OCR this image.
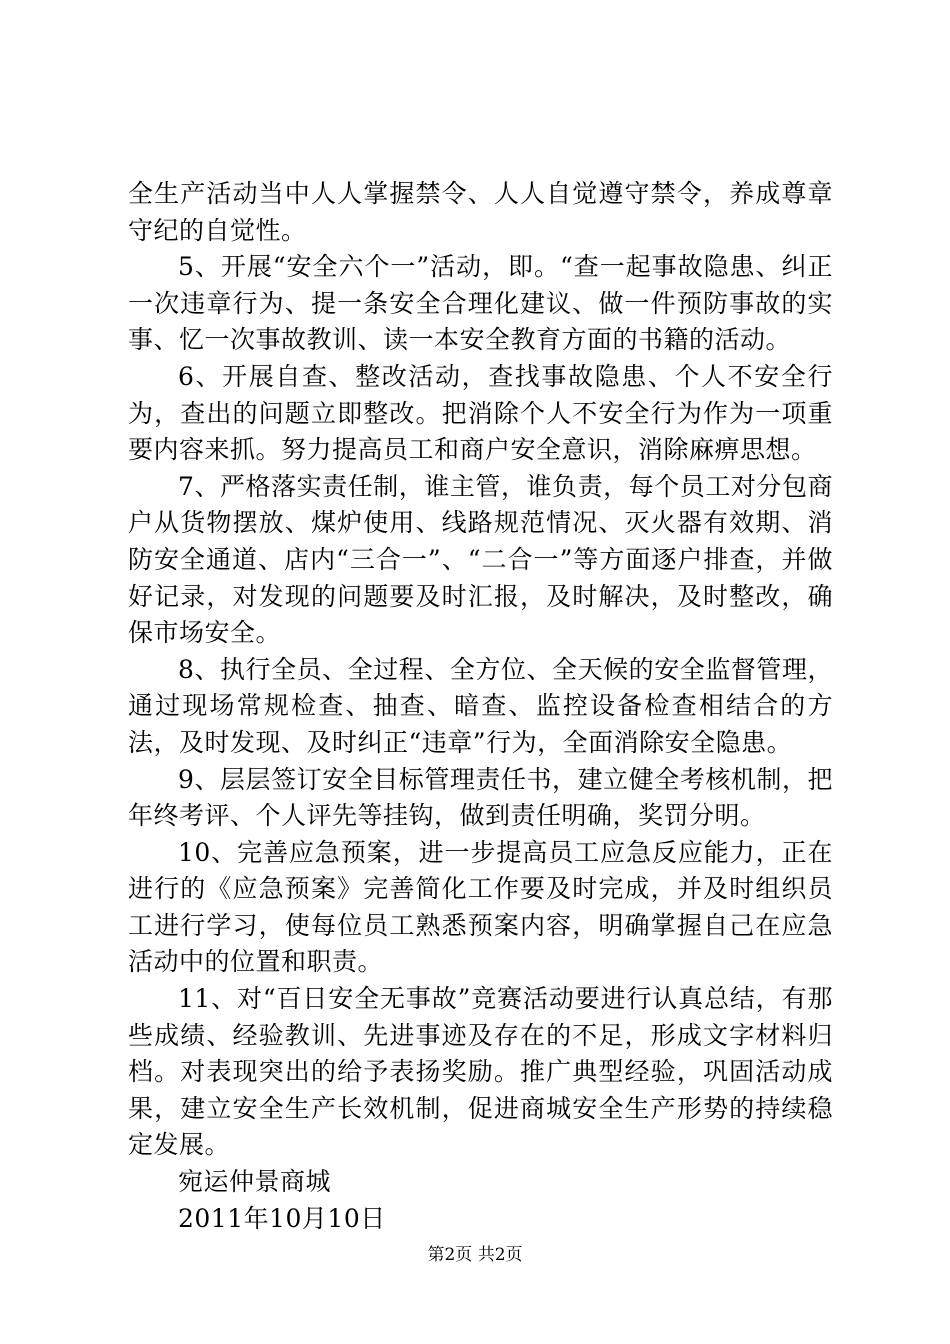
全生产活动当中人人掌握禁令、人人自觉遵守禁令，养成尊章守纪的自觉性。

5、开展“安全六个一”活动，即。“查一起事故隐患、纠正一次违章行为、提一条安全合理化建议、做一件预防事故的实事、忆一次事故教训、读一本安全教育方面的书籍的活动。

6、开展自查、整改活动，查找事故隐患、个人不安全行为，查出的问题立即整改。把消除个人不安全行为作为一项重要内容来抓。努力提高员工和商户安全意识，消除麻痹思想。

7、严格落实责任制，谁主管，谁负责，每个员工对分包商户从货物摆放、煤炉使用、线路规范情况、灭火器有效期、消防安全通道、店内“三合一”、“二合一”等方面逐户排查，并做好记录，对发现的问题要及时汇报，及时解决，及时整改，确保市场安全。

8、执行全员、全过程、全方位、全天候的安全监督管理，通过现场常规检查、抽查、暗查、监控设备检查相结合的方法，及时发现、及时纠正“违章”行为，全面消除安全隐患。

9、层层签订安全目标管理责任书，建立健全考核机制，把年终考评、个人评先等挂钩，做到责任明确，奖罚分明。

10、完善应急预案，进一步提高员工应急反应能力，正在进行的《应急预案》完善简化工作要及时完成，并及时组织员工进行学习，使每位员工熟悉预案内容，明确掌握自己在应急活动中的位置和职责。

11、对“百日安全无事故”竞赛活动要进行认真总结，有那些成绩、经验教训、先进事迹及存在的不足，形成文字材料归档。对表现突出的给予表扬奖励。推广典型经验，巩固活动成果，建立安全生产长效机制，促进商城安全生产形势的持续稳定发展。

宛运仲景商城

2011年10月10日

第2页 共2页
